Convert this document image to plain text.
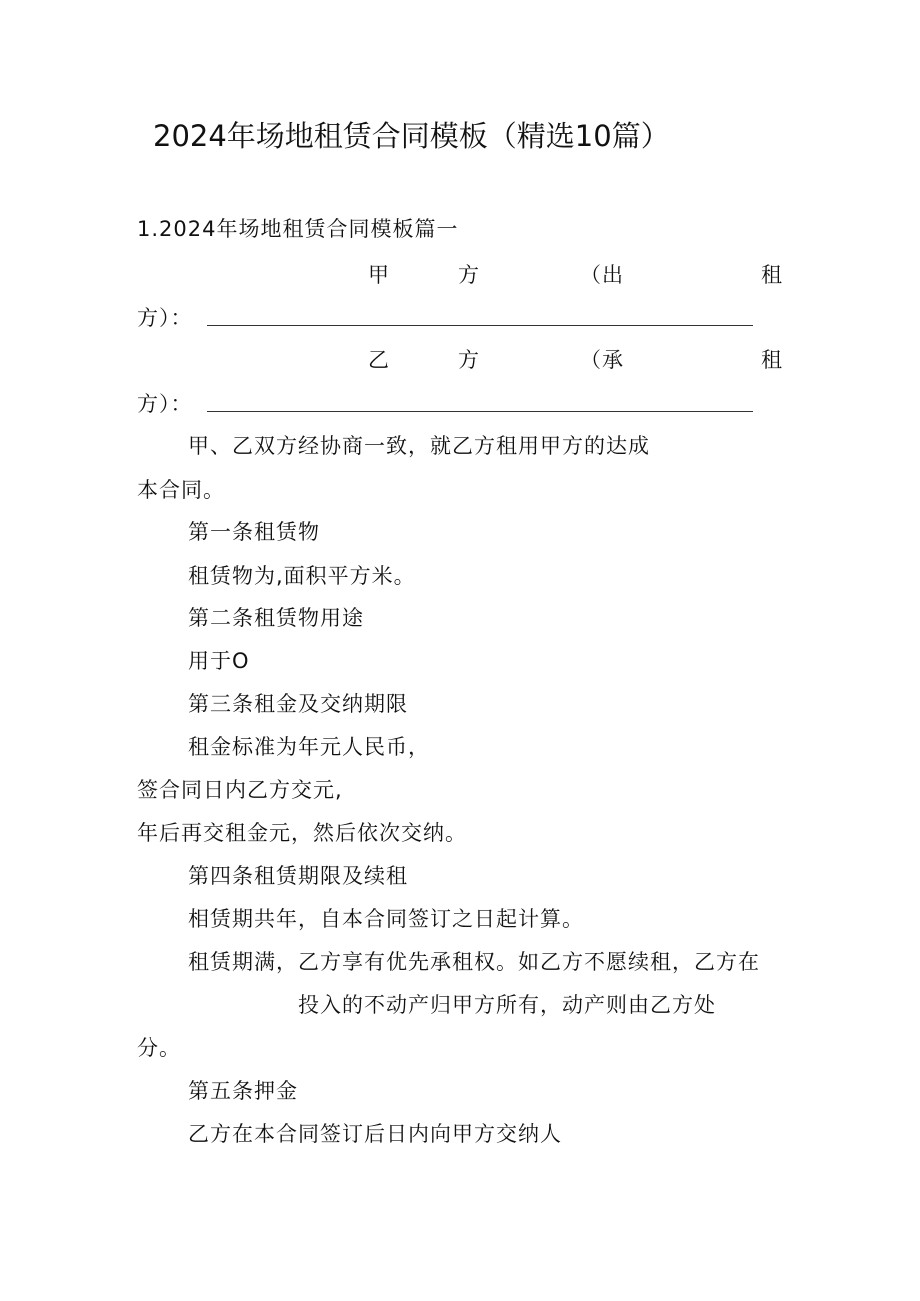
2024年场地租赁合同模板（精选10篇）
1.2024年场地租赁合同模板篇一
甲	方	（出	租
方）：
乙	方	（承	租
方）：
甲、乙双方经协商一致，就乙方租用甲方的达成
本合同。
第一条租赁物
租赁物为,面积平方米。
第二条租赁物用途
用于O
第三条租金及交纳期限
租金标准为年元人民币，
签合同日内乙方交元,
年后再交租金元，然后依次交纳。
第四条租赁期限及续租
相赁期共年，自本合同签订之日起计算。
租赁期满，乙方享有优先承租权。如乙方不愿续租，乙方在
投入的不动产归甲方所有，动产则由乙方处
分。
第五条押金
乙方在本合同签订后日内向甲方交纳人
